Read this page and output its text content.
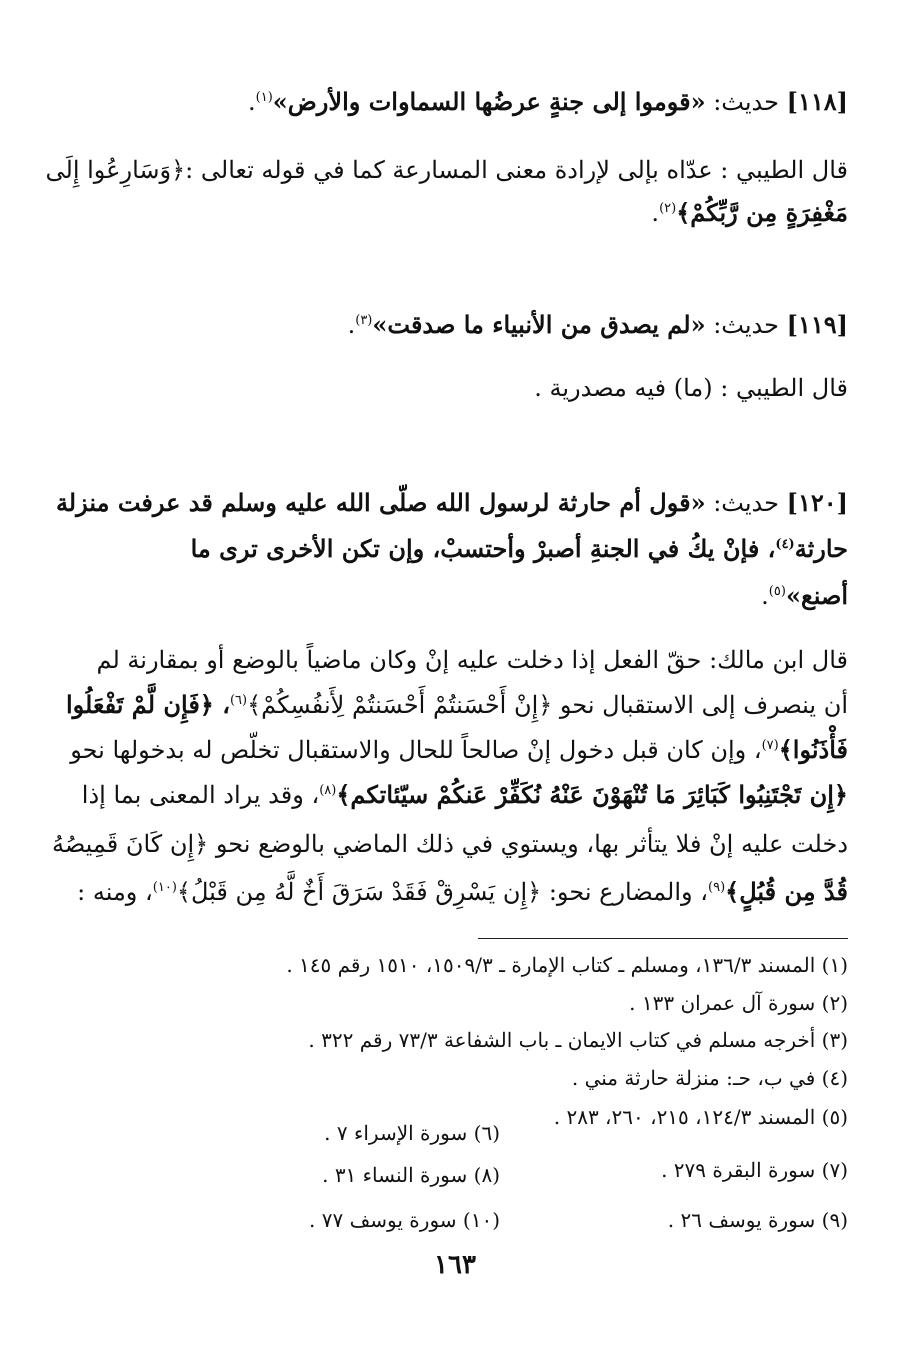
[١١٨] حديث: «قوموا إلى جنةٍ عرضُها السماوات والأرض»$^{(١)}$.
قال الطيبي : عدّاه بإلى لإرادة معنى المسارعة كما في قوله تعالى :﴿وَسَارِعُوا إِلَى
مَغْفِرَةٍ مِن رَّبِّكُمْ﴾$^{(٢)}$.
[١١٩] حديث: «لم يصدق من الأنبياء ما صدقت»$^{(٣)}$.
قال الطيبي : (ما) فيه مصدرية .
[١٢٠] حديث: «قول أم حارثة لرسول الله صلّى الله عليه وسلم قد عرفت منزلة
حارثة$^{(٤)}$، فإنْ يكُ في الجنةِ أصبرْ وأحتسبْ، وإن تكن الأخرى ترى ما
أصنع»$^{(٥)}$.
قال ابن مالك: حقّ الفعل إذا دخلت عليه إنْ وكان ماضياً بالوضع أو بمقارنة لم
أن ينصرف إلى الاستقبال نحو ﴿إِنْ أَحْسَنتُمْ أَحْسَنتُمْ لِأَنفُسِكُمْ﴾$^{(٦)}$، ﴿فَإِن لَّمْ تَفْعَلُوا
فَأْذَنُوا﴾$^{(٧)}$، وإن كان قبل دخول إنْ صالحاً للحال والاستقبال تخلّص له بدخولها نحو
﴿إِن تَجْتَنِبُوا كَبَائِرَ مَا تُنْهَوْنَ عَنْهُ نُكَفِّرْ عَنكُمْ سيّئاتكم﴾$^{(٨)}$، وقد يراد المعنى بما إذا
دخلت عليه إنْ فلا يتأثر بها، ويستوي في ذلك الماضي بالوضع نحو ﴿إِن كَانَ قَمِيصُهُ
قُدَّ مِن قُبُلٍ﴾$^{(٩)}$، والمضارع نحو: ﴿إِن يَسْرِقْ فَقَدْ سَرَقَ أَخٌ لَّهُ مِن قَبْلُ﴾$^{(١٠)}$، ومنه :
(١) المسند ١٣٦/٣، ومسلم ـ كتاب الإمارة ـ ١٥٠٩/٣، ١٥١٠ رقم ١٤٥ .
(٢) سورة آل عمران ١٣٣ .
(٣) أخرجه مسلم في كتاب الايمان ـ باب الشفاعة ٧٣/٣ رقم ٣٢٢ .
(٤) في ب، حـ: منزلة حارثة مني .
(٥) المسند ١٢٤/٣، ٢١٥، ٢٦٠، ٢٨٣ .
(٦) سورة الإسراء ٧ .
(٧) سورة البقرة ٢٧٩ .
(٨) سورة النساء ٣١ .
(٩) سورة يوسف ٢٦ .
(١٠) سورة يوسف ٧٧ .
١٦٣
